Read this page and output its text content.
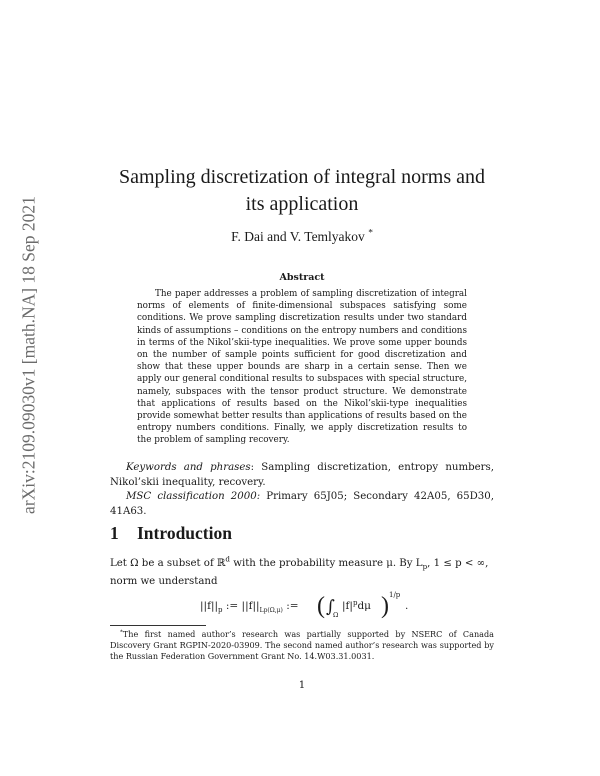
arXiv:2109.09030v1 [math.NA] 18 Sep 2021
Sampling discretization of integral norms and
its application
F. Dai and V. Temlyakov *
Abstract

The paper addresses a problem of sampling discretization of integral norms of elements of finite-dimensional subspaces satisfying some conditions. We prove sampling discretization results under two standard kinds of assumptions – conditions on the entropy numbers and conditions in terms of the Nikol’skii-type inequalities. We prove some upper bounds on the number of sample points sufficient for good discretization and show that these upper bounds are sharp in a certain sense. Then we apply our general conditional results to subspaces with special structure, namely, subspaces with the tensor product structure. We demonstrate that applications of results based on the Nikol’skii-type inequalities provide somewhat better results than applications of results based on the entropy numbers conditions. Finally, we apply discretization results to the problem of sampling recovery.

Keywords and phrases: Sampling discretization, entropy numbers, Nikol’skii inequality, recovery.

MSC classification 2000: Primary 65J05; Secondary 42A05, 65D30, 41A63.

1 Introduction

Let Ω be a subset of ℝ$^d$ with the probability measure μ. By $L_p$, 1 ≤ p < ∞,

norm we understand

$||f||_p$ := $||f||_{Lp(\Omega,\mu)}$ := ( ∫
Ω
$|f|^pd\mu$ ) 1/p
.

*The first named author’s research was partially supported by NSERC of Canada Discovery Grant RGPIN-2020-03909. The second named author’s research was supported by the Russian Federation Government Grant No. 14.W03.31.0031.

1
